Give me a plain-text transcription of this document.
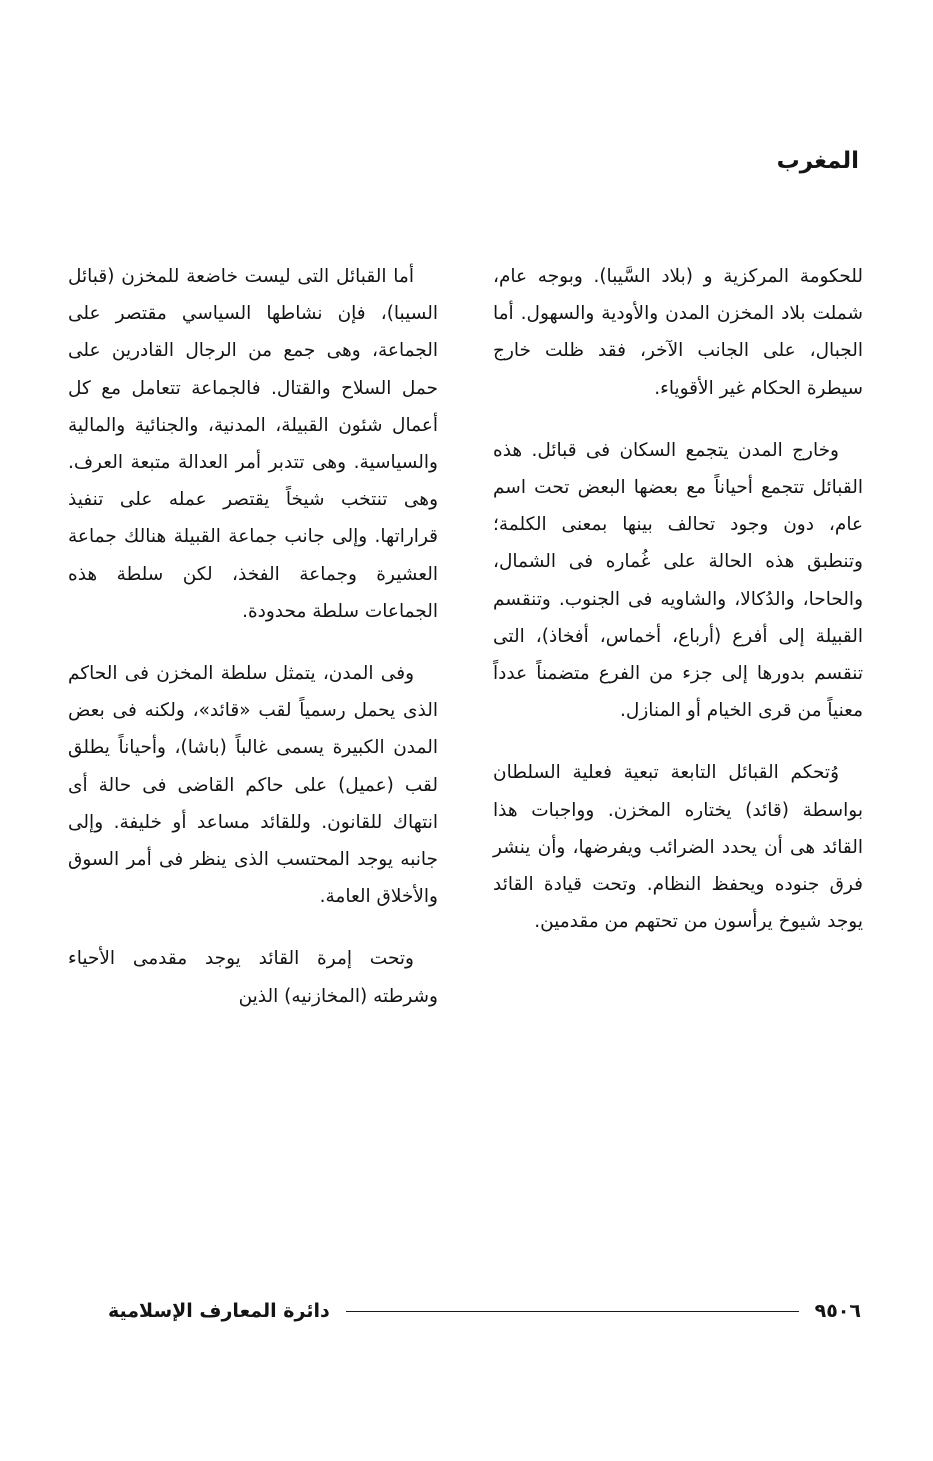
المغرب

للحكومة المركزية و (بلاد السَّيبا). وبوجه عام، شملت بلاد المخزن المدن والأودية والسهول. أما الجبال، على الجانب الآخر، فقد ظلت خارج سيطرة الحكام غير الأقوياء.

وخارج المدن يتجمع السكان فى قبائل. هذه القبائل تتجمع أحياناً مع بعضها البعض تحت اسم عام، دون وجود تحالف بينها بمعنى الكلمة؛ وتنطبق هذه الحالة على غُماره فى الشمال، والحاحا، والدُكالا، والشاويه فى الجنوب. وتنقسم القبيلة إلى أفرع (أرباع، أخماس، أفخاذ)، التى تنقسم بدورها إلى جزء من الفرع متضمناً عدداً معنياً من قرى الخيام أو المنازل.

وُتحكم القبائل التابعة تبعية فعلية السلطان بواسطة (قائد) يختاره المخزن. وواجبات هذا القائد هى أن يحدد الضرائب ويفرضها، وأن ينشر فرق جنوده ويحفظ النظام. وتحت قيادة القائد يوجد شيوخ يرأسون من تحتهم من مقدمين.

أما القبائل التى ليست خاضعة للمخزن (قبائل السيبا)، فإن نشاطها السياسي مقتصر على الجماعة، وهى جمع من الرجال القادرين على حمل السلاح والقتال. فالجماعة تتعامل مع كل أعمال شئون القبيلة، المدنية، والجنائية والمالية والسياسية. وهى تتدبر أمر العدالة متبعة العرف. وهى تنتخب شيخاً يقتصر عمله على تنفيذ قراراتها. وإلى جانب جماعة القبيلة هنالك جماعة العشيرة وجماعة الفخذ، لكن سلطة هذه الجماعات سلطة محدودة.

وفى المدن، يتمثل سلطة المخزن فى الحاكم الذى يحمل رسمياً لقب «قائد»، ولكنه فى بعض المدن الكبيرة يسمى غالباً (باشا)، وأحياناً يطلق لقب (عميل) على حاكم القاضى فى حالة أى انتهاك للقانون. وللقائد مساعد أو خليفة. وإلى جانبه يوجد المحتسب الذى ينظر فى أمر السوق والأخلاق العامة.

وتحت إمرة القائد يوجد مقدمى الأحياء وشرطته (المخازنيه) الذين

٩٥٠٦
دائرة المعارف الإسلامية
